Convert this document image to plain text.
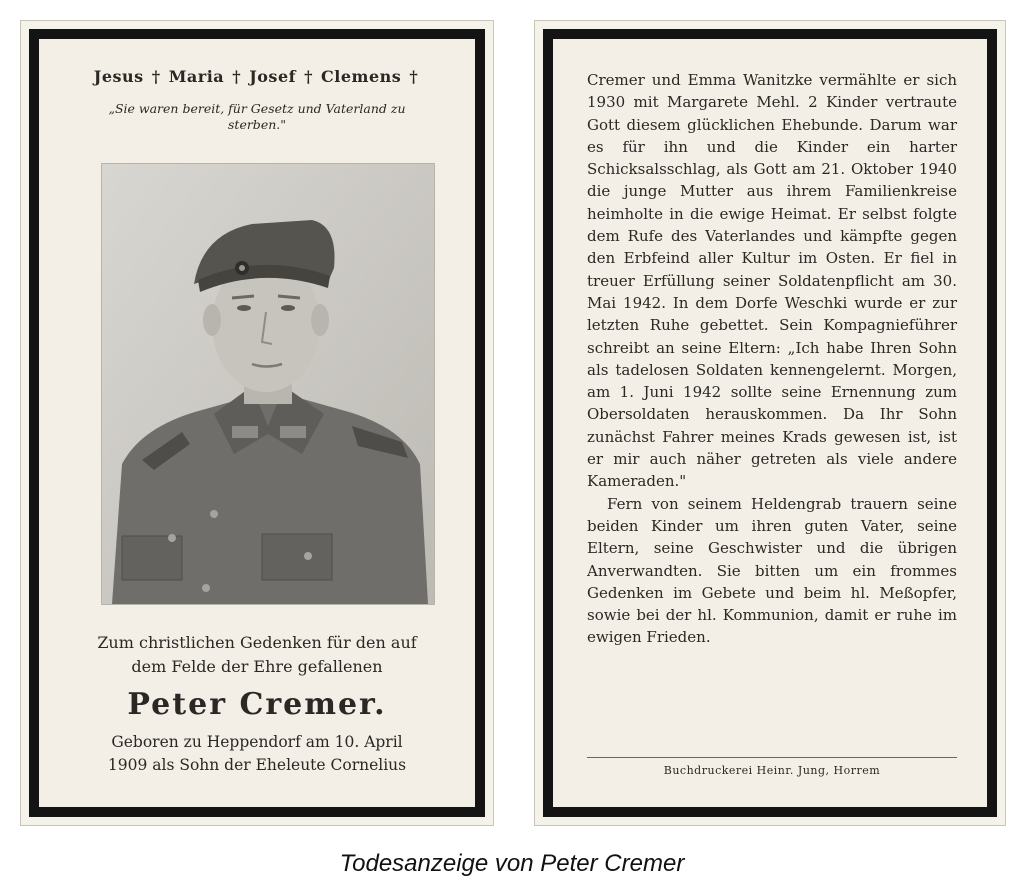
Jesus † Maria † Josef † Clemens †
„Sie waren bereit, für Gesetz und Vaterland zu sterben."
Zum christlichen Gedenken für den auf
dem Felde der Ehre gefallenen
Peter Cremer.
Geboren zu Heppendorf am 10. April
1909 als Sohn der Eheleute Cornelius

Cremer und Emma Wanitzke vermählte er sich 1930 mit Margarete Mehl. 2 Kinder vertraute Gott diesem glücklichen Ehebunde. Darum war es für ihn und die Kinder ein harter Schicksalsschlag, als Gott am 21. Oktober 1940 die junge Mutter aus ihrem Familienkreise heimholte in die ewige Heimat. Er selbst folgte dem Rufe des Vaterlandes und kämpfte gegen den Erbfeind aller Kultur im Osten. Er fiel in treuer Erfüllung seiner Soldatenpflicht am 30. Mai 1942. In dem Dorfe Weschki wurde er zur letzten Ruhe gebettet. Sein Kompagnieführer schreibt an seine Eltern: „Ich habe Ihren Sohn als tadelosen Soldaten kennengelernt. Morgen, am 1. Juni 1942 sollte seine Ernennung zum Obersoldaten herauskommen. Da Ihr Sohn zunächst Fahrer meines Krads gewesen ist, ist er mir auch näher getreten als viele andere Kameraden."

Fern von seinem Heldengrab trauern seine beiden Kinder um ihren guten Vater, seine Eltern, seine Geschwister und die übrigen Anverwandten. Sie bitten um ein frommes Gedenken im Gebete und beim hl. Meßopfer, sowie bei der hl. Kommunion, damit er ruhe im ewigen Frieden.

Buchdruckerei Heinr. Jung, Horrem
Todesanzeige von Peter Cremer
